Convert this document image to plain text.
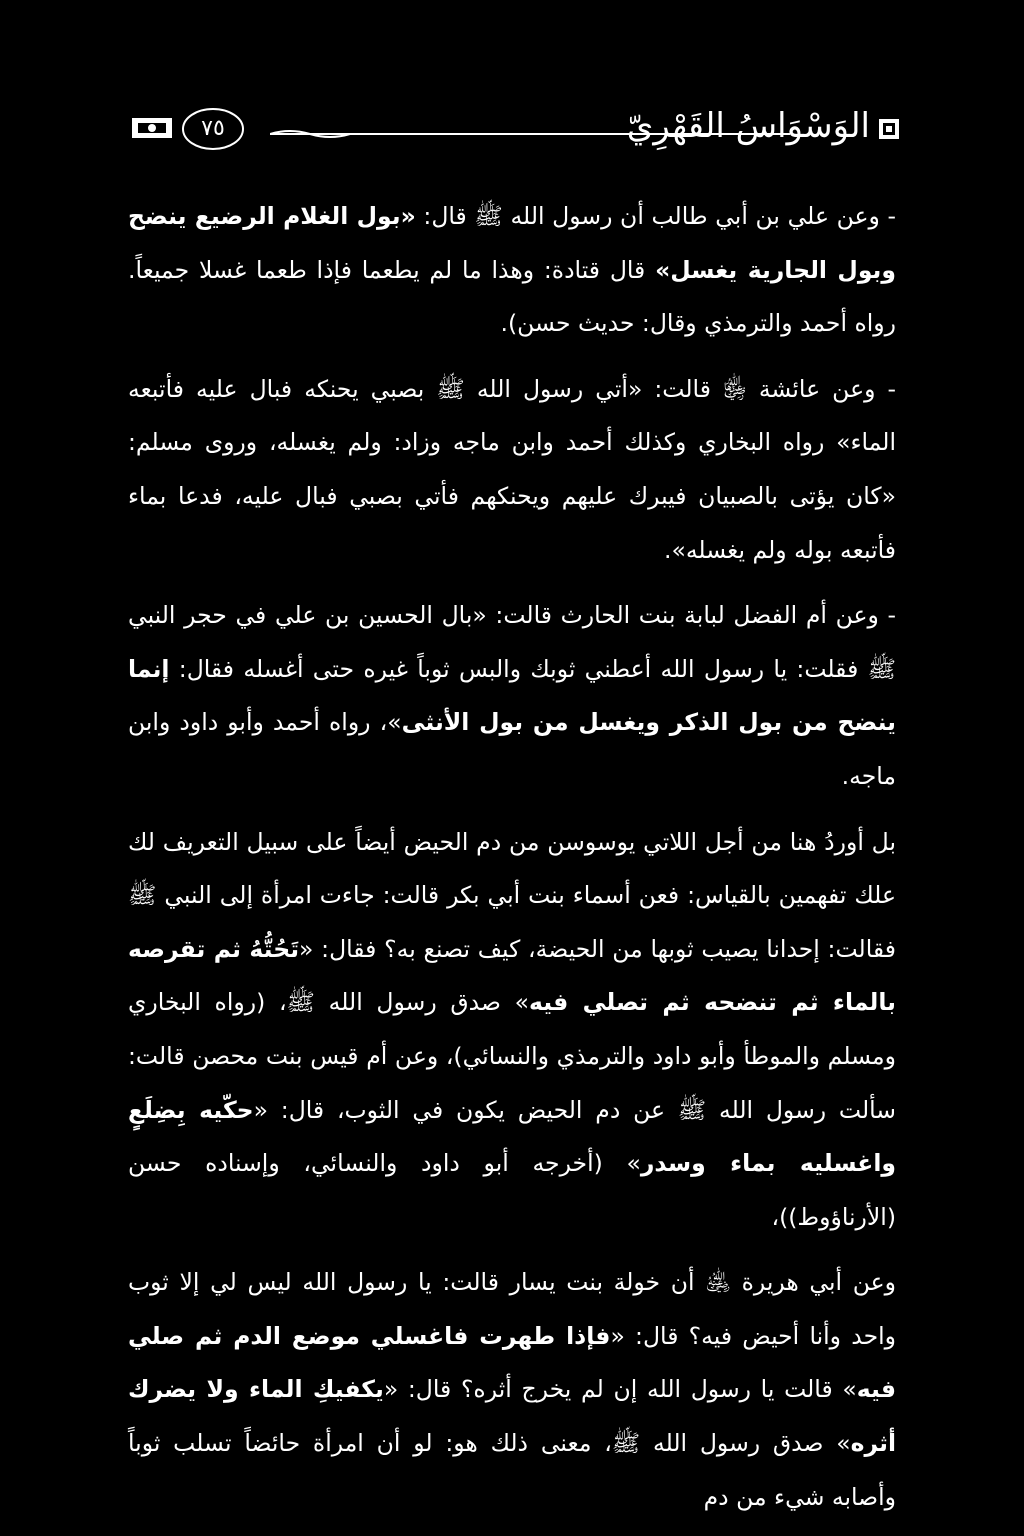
الوَسْوَاسُ القَهْرِيّ
٧٥

- وعن علي بن أبي طالب أن رسول الله ﷺ قال: «بول الغلام الرضيع ينضح وبول الجارية يغسل» قال قتادة: وهذا ما لم يطعما فإذا طعما غسلا جميعاً. رواه أحمد والترمذي وقال: حديث حسن).

- وعن عائشة ﵂ قالت: «أتي رسول الله ﷺ بصبي يحنكه فبال عليه فأتبعه الماء» رواه البخاري وكذلك أحمد وابن ماجه وزاد: ولم يغسله، وروى مسلم: «كان يؤتى بالصبيان فيبرك عليهم ويحنكهم فأتي بصبي فبال عليه، فدعا بماء فأتبعه بوله ولم يغسله».

- وعن أم الفضل لبابة بنت الحارث قالت: «بال الحسين بن علي في حجر النبي ﷺ فقلت: يا رسول الله أعطني ثوبك والبس ثوباً غيره حتى أغسله فقال: إنما ينضح من بول الذكر ويغسل من بول الأنثى»، رواه أحمد وأبو داود وابن ماجه.

بل أوردُ هنا من أجل اللاتي يوسوسن من دم الحيض أيضاً على سبيل التعريف لك علك تفهمين بالقياس: فعن أسماء بنت أبي بكر قالت: جاءت امرأة إلى النبي ﷺ فقالت: إحدانا يصيب ثوبها من الحيضة، كيف تصنع به؟ فقال: «تَحُتُّهُ ثم تقرصه بالماء ثم تنضحه ثم تصلي فيه» صدق رسول الله ﷺ، (رواه البخاري ومسلم والموطأ وأبو داود والترمذي والنسائي)، وعن أم قيس بنت محصن قالت: سألت رسول الله ﷺ عن دم الحيض يكون في الثوب، قال: «حكّيه بِضِلَعٍ واغسليه بماء وسدر» (أخرجه أبو داود والنسائي، وإسناده حسن (الأرناؤوط))،

وعن أبي هريرة ﵁ أن خولة بنت يسار قالت: يا رسول الله ليس لي إلا ثوب واحد وأنا أحيض فيه؟ قال: «فإذا طهرت فاغسلي موضع الدم ثم صلي فيه» قالت يا رسول الله إن لم يخرج أثره؟ قال: «يكفيكِ الماء ولا يضرك أثره» صدق رسول الله ﷺ، معنى ذلك هو: لو أن امرأة حائضاً تسلب ثوباً وأصابه شيء من دم
